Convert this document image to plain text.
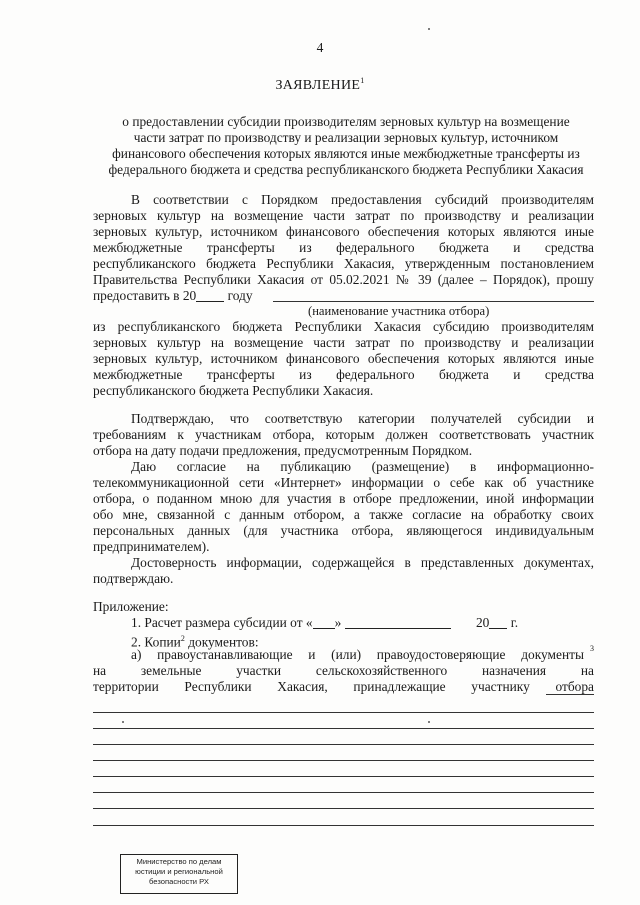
4
ЗАЯВЛЕНИЕ$^1$
о предоставлении субсидии производителям зерновых культур на возмещение
части затрат по производству и реализации зерновых культур, источником
финансового обеспечения которых являются иные межбюджетные трансферты из
федерального бюджета и средства республиканского бюджета Республики Хакасия
В соответствии с Порядком предоставления субсидий производителям
зерновых культур на возмещение части затрат по производству и реализации
зерновых культур, источником финансового обеспечения которых являются иные
межбюджетные трансферты из федерального бюджета и средства
республиканского бюджета Республики Хакасия, утвержденным постановлением
Правительства Республики Хакасия от 05.02.2021 № 39 (далее – Порядок), прошу
предоставить в 20 году
(наименование участника отбора)
из республиканского бюджета Республики Хакасия субсидию производителям
зерновых культур на возмещение части затрат по производству и реализации
зерновых культур, источником финансового обеспечения которых являются иные
межбюджетные трансферты из федерального бюджета и средства
республиканского бюджета Республики Хакасия.
Подтверждаю, что соответствую категории получателей субсидии и
требованиям к участникам отбора, которым должен соответствовать участник
отбора на дату подачи предложения, предусмотренным Порядком.
Даю согласие на публикацию (размещение) в информационно-
телекоммуникационной сети «Интернет» информации о себе как об участнике
отбора, о поданном мною для участия в отборе предложении, иной информации
обо мне, связанной с данным отбором, а также согласие на обработку своих
персональных данных (для участника отбора, являющегося индивидуальным
предпринимателем).
Достоверность информации, содержащейся в представленных документах,
подтверждаю.
Приложение:
1. Расчет размера субсидии от « »	20 г.
2. Копии$^2$ документов:
а) правоустанавливающие и (или) правоудостоверяющие документы 3
на земельные участки сельскохозяйственного назначения на
территории Республики Хакасия, принадлежащие участнику отбора
Министерство по делам
юстиции и региональной
безопасности РХ
